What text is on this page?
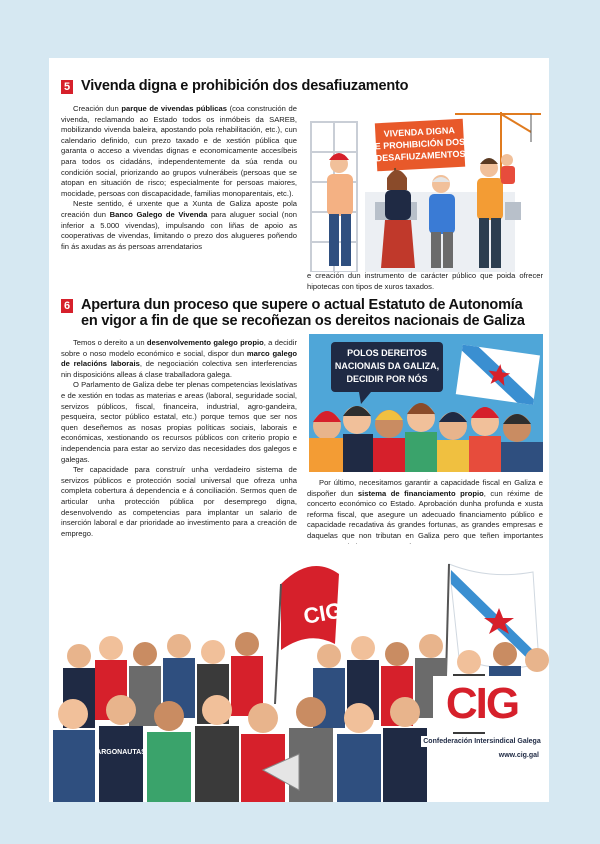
5 Vivenda digna e prohibición dos desafiuzamento

Creación dun parque de vivendas públicas (coa construción de vivenda, reclamando ao Estado todos os inmóbeis da SAREB, mobilizando vivenda baleira, apostando pola rehabilitación, etc.), cun calendario definido, cun prezo taxado e de xestión pública que garanta o acceso a vivendas dignas e economicamente accesíbeis para todos os cidadáns, independentemente da súa renda ou condición social, priorizando ao grupos vulnerábeis (persoas que se atopan en situación de risco; especialmente for persoas maiores, mocidade, persoas con discapacidade, familias monoparentais, etc.).

Neste sentido, é urxente que a Xunta de Galiza aposte pola creación dun Banco Galego de Vivenda para aluguer social (non inferior a 5.000 vivendas), impulsando con liñas de apoio as cooperativas de vivendas, limitando o prezo dos alugueres poñendo fin ás axudas as ás persoas arrendatarios

VIVENDA DIGNA
E PROHIBICIÓN DOS
DESAFIUZAMENTOS
e creación dun instrumento de carácter público que poida ofrecer hipotecas con tipos de xuros taxados.
6 Apertura dun proceso que supere o actual Estatuto de Autonomía
en vigor a fin de que se recoñezan os dereitos nacionais de Galiza

Temos o dereito a un desenvolvemento galego propio, a decidir sobre o noso modelo económico e social, dispor dun marco galego de relacións laborais, de negociación colectiva sen interferencias nin disposicións alleas á clase traballadora galega.

O Parlamento de Galiza debe ter plenas competencias lexislativas e de xestión en todas as materias e areas (laboral, seguridade social, servizos públicos, fiscal, financeira, industrial, agro-gandeira, pesqueira, sector público estatal, etc.) porque temos que ser nos quen deseñemos as nosas propias políticas sociais, laborais e económicas, xestionando os recursos públicos con criterio propio e independencia para estar ao servizo das necesidades dos galegos e galegas.

Ter capacidade para construír unha verdadeiro sistema de servizos públicos e protección social universal que ofreza unha completa cobertura á dependencia e á conciliación. Sermos quen de articular unha protección pública por desemprego digna, desenvolvendo as competencias para implantar un salario de inserción laboral e dar prioridade ao investimento para a creación de emprego.

POLOS DEREITOS
NACIONAIS DA GALIZA,
DECIDIR POR NÓS

Por último, necesitamos garantir a capacidade fiscal en Galiza e dispoñer dun sistema de financiamento propio, cun réxime de concerto económico co Estado. Aprobación dunha profunda e xusta reforma fiscal, que asegure un adecuado financiamento público e capacidade recadativa ás grandes fortunas, as grandes empresas e daquelas que non tributan en Galiza pero que teñen importantes

CIG
ARGONAUTAS
CIG
Confederación Intersindical Galega
www.cig.gal
